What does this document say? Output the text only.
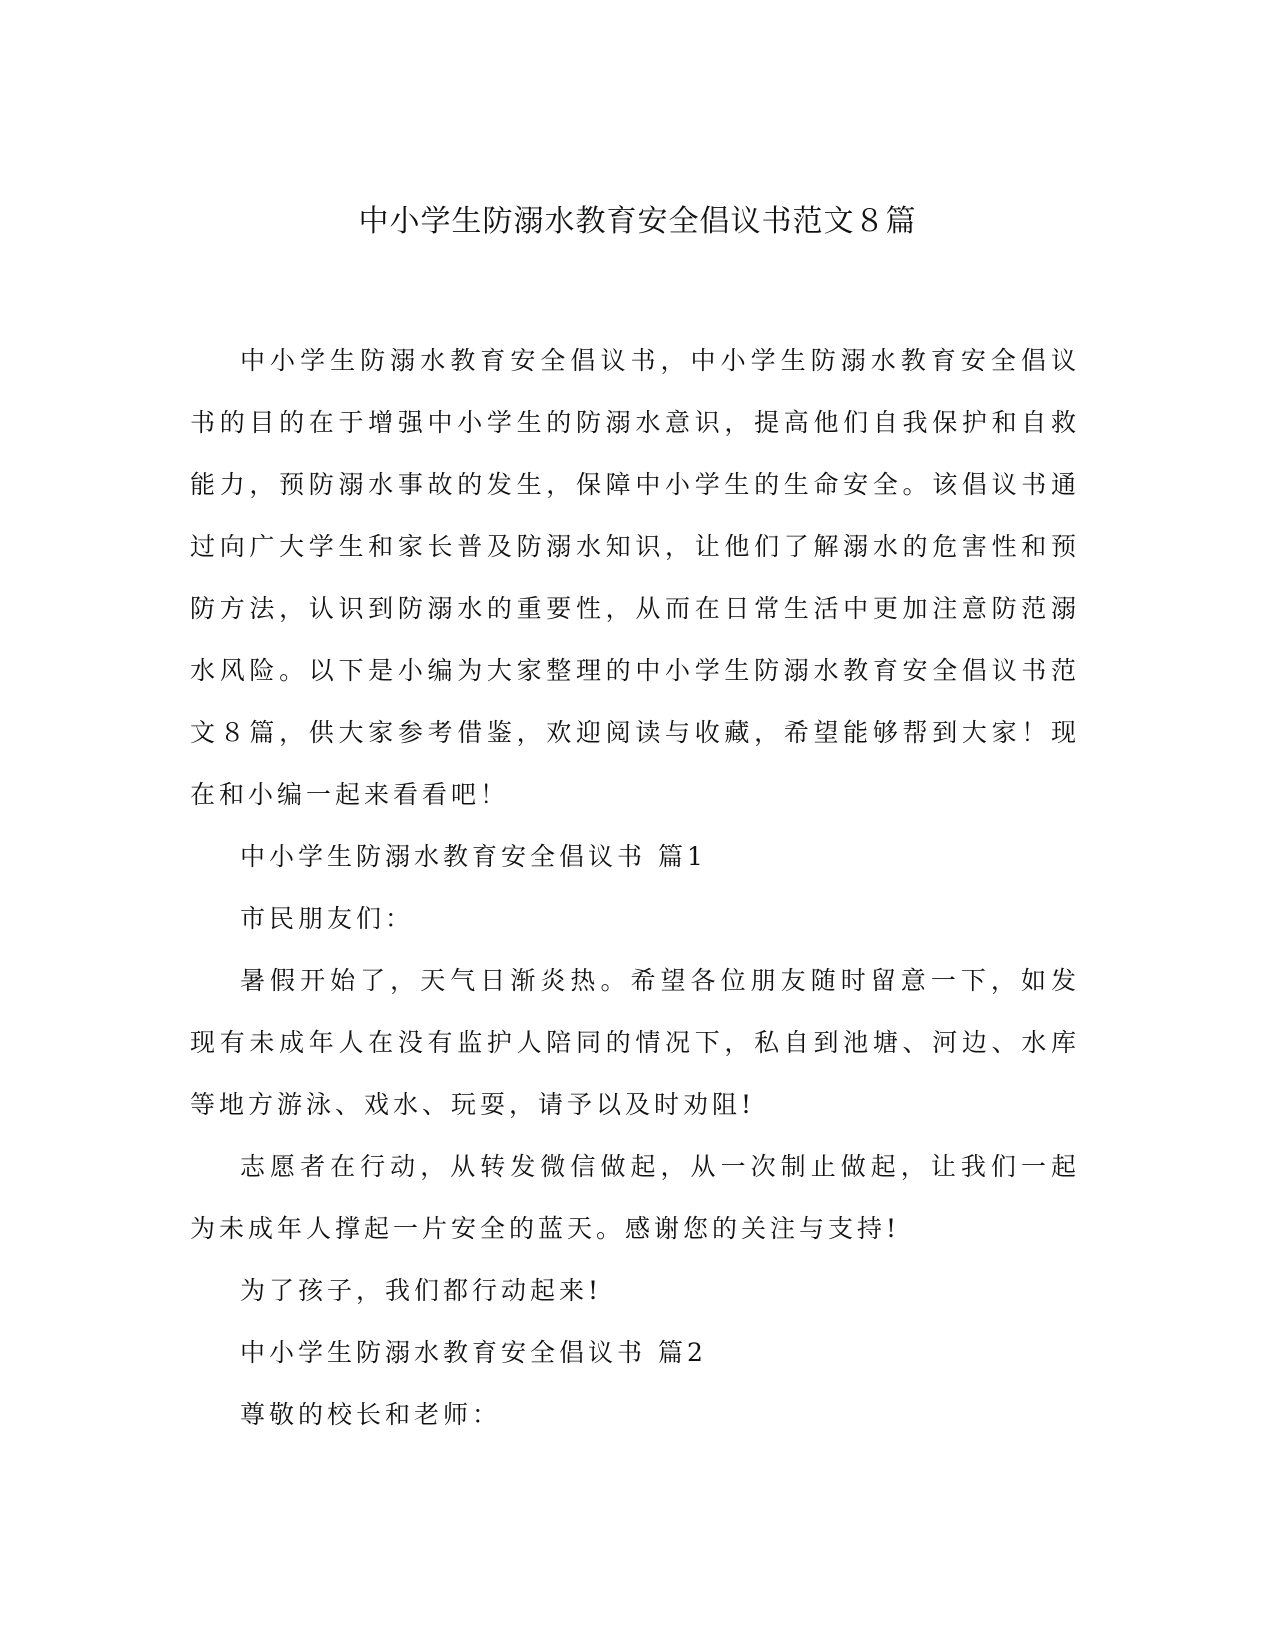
中小学生防溺水教育安全倡议书范文８篇

中小学生防溺水教育安全倡议书，中小学生防溺水教育安全倡议书的目的在于增强中小学生的防溺水意识，提高他们自我保护和自救能力，预防溺水事故的发生，保障中小学生的生命安全。该倡议书通过向广大学生和家长普及防溺水知识，让他们了解溺水的危害性和预防方法，认识到防溺水的重要性，从而在日常生活中更加注意防范溺水风险。以下是小编为大家整理的中小学生防溺水教育安全倡议书范文８篇，供大家参考借鉴，欢迎阅读与收藏，希望能够帮到大家！现在和小编一起来看看吧！

中小学生防溺水教育安全倡议书 篇1

市民朋友们：

暑假开始了，天气日渐炎热。希望各位朋友随时留意一下，如发现有未成年人在没有监护人陪同的情况下，私自到池塘、河边、水库等地方游泳、戏水、玩耍，请予以及时劝阻!

志愿者在行动，从转发微信做起，从一次制止做起，让我们一起为未成年人撑起一片安全的蓝天。感谢您的关注与支持!

为了孩子，我们都行动起来!

中小学生防溺水教育安全倡议书 篇2

尊敬的校长和老师：
